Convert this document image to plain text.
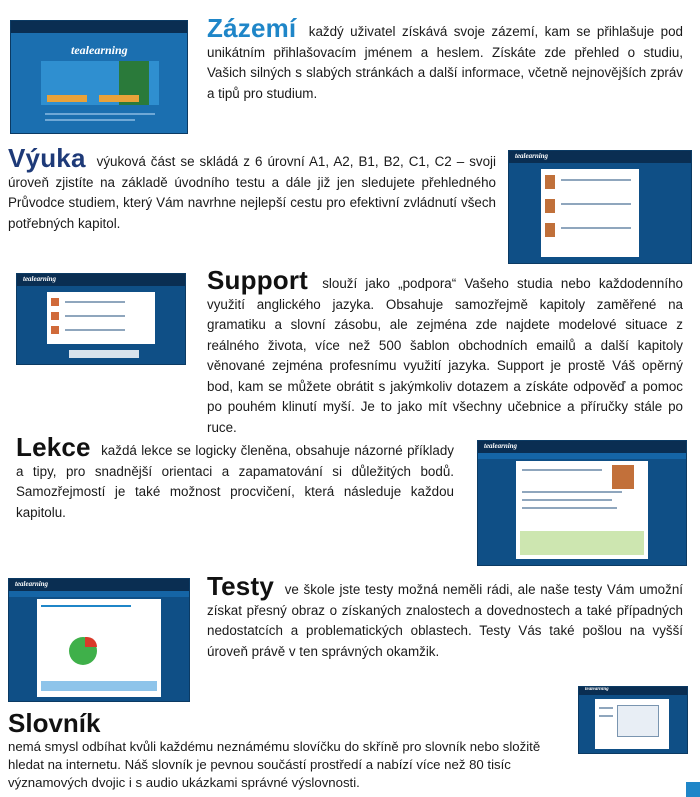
tealearning
Zázemí každý uživatel získává svoje zázemí, kam se přihlašuje pod unikátním přihlašovacím jménem a heslem. Získáte zde přehled o studiu, Vašich silných s slabých stránkách a další informace, včetně nejnovějších zpráv a tipů pro studium.
Výuka výuková část se skládá z 6 úrovní A1, A2, B1, B2, C1, C2 – svoji úroveň zjistíte na základě úvodního testu a dále již jen sledujete přehledného Průvodce studiem, který Vám navrhne nejlepší cestu pro efektivní zvládnutí všech potřebných kapitol.
tealearning
tealearning	Support slouží jako „podpora“ Vašeho studia nebo každodenního využití anglického jazyka. Obsahuje samozřejmě kapitoly zaměřené na gramatiku a slovní zásobu, ale zejména zde najdete modelové situace z reálného života, více než 500 šablon obchodních emailů a další kapitoly věnované zejména profesnímu využití jazyka. Support je prostě Váš opěrný bod, kam se můžete obrátit s jakýmkoliv dotazem a získáte odpověď a pomoc po pouhém klinutí myší. Je to jako mít všechny učebnice a příručky stále po ruce.
Lekce každá lekce se logicky členěna, obsahuje názorné příklady a tipy, pro snadnější orientaci a zapamatování si důležitých bodů. Samozřejmostí je také možnost procvičení, která následuje každou kapitolu.
tealearning
tealearning	Testy ve škole jste testy možná neměli rádi, ale naše testy Vám umožní získat přesný obraz o získaných znalostech a dovednostech a také případných nedostatcích a problematických oblastech. Testy Vás také pošlou na vyšší úroveň právě v ten správných okamžik.
Slovník
nemá smysl odbíhat kvůli každému neznámému slovíčku do skříně pro slovník nebo složitě hledat na internetu. Náš slovník je pevnou součástí prostředí a nabízí více než 80 tisíc významových dvojic i s audio ukázkami správné výslovnosti.
tealearning
